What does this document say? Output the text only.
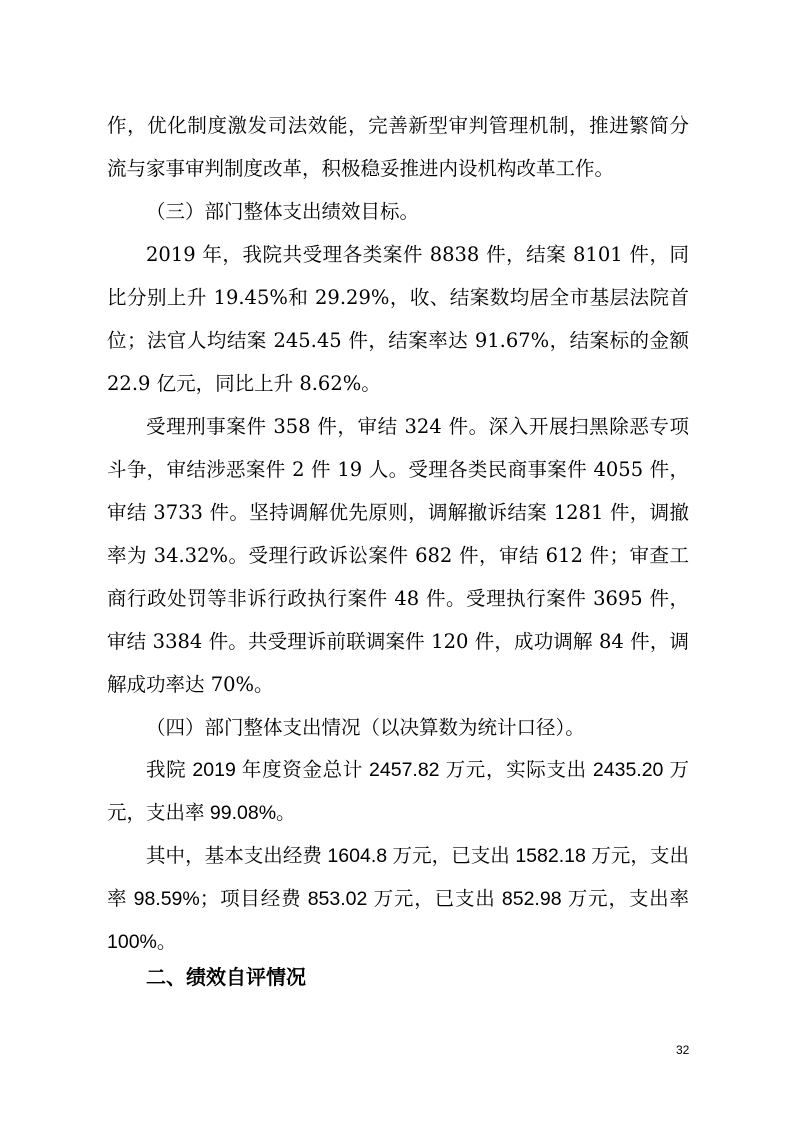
作，优化制度激发司法效能，完善新型审判管理机制，推进繁简分流与家事审判制度改革，积极稳妥推进内设机构改革工作。
（三）部门整体支出绩效目标。
2019 年，我院共受理各类案件 8838 件，结案 8101 件，同比分别上升 19.45%和 29.29%，收、结案数均居全市基层法院首位；法官人均结案 245.45 件，结案率达 91.67%，结案标的金额 22.9 亿元，同比上升 8.62%。
受理刑事案件 358 件，审结 324 件。深入开展扫黑除恶专项斗争，审结涉恶案件 2 件 19 人。受理各类民商事案件 4055 件，审结 3733 件。坚持调解优先原则，调解撤诉结案 1281 件，调撤率为 34.32%。受理行政诉讼案件 682 件，审结 612 件；审查工商行政处罚等非诉行政执行案件 48 件。受理执行案件 3695 件，审结 3384 件。共受理诉前联调案件 120 件，成功调解 84 件，调解成功率达 70%。
（四）部门整体支出情况（以决算数为统计口径）。
我院 2019 年度资金总计 2457.82 万元，实际支出 2435.20 万元，支出率 99.08%。
其中，基本支出经费 1604.8 万元，已支出 1582.18 万元，支出率 98.59%；项目经费 853.02 万元，已支出 852.98 万元，支出率 100%。
二、绩效自评情况
32
